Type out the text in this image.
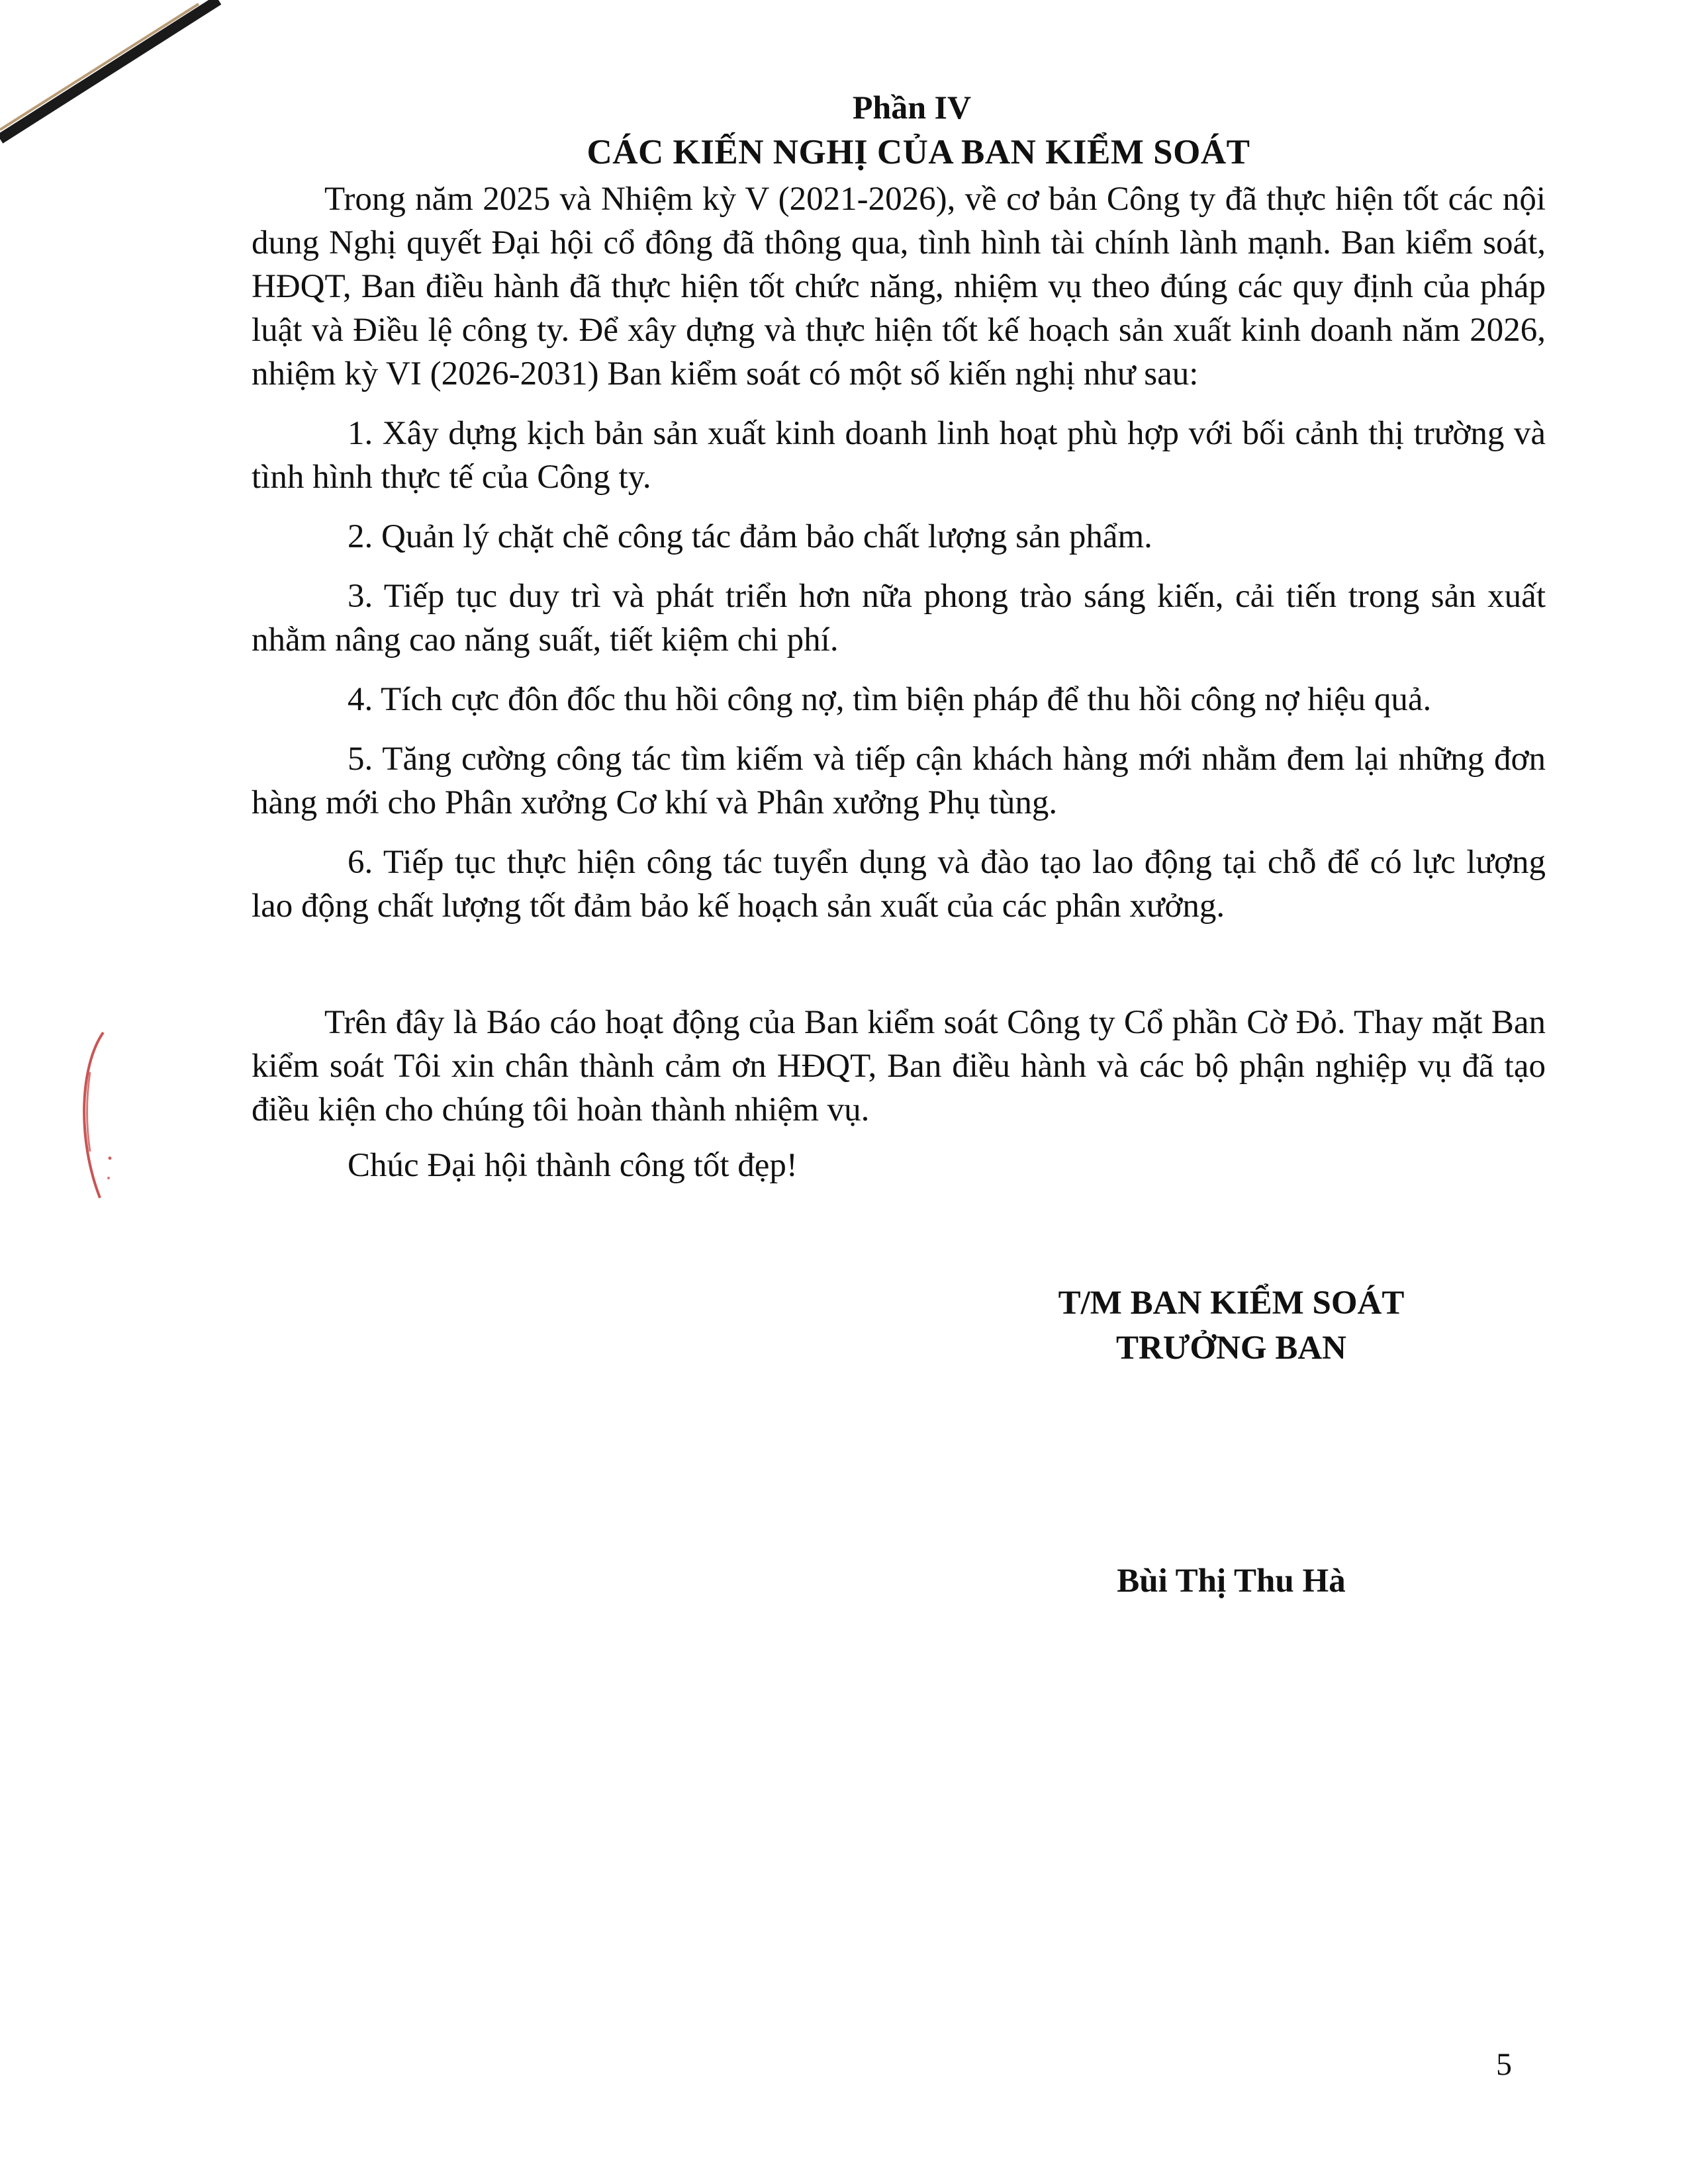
Phần IV

CÁC KIẾN NGHỊ CỦA BAN KIỂM SOÁT

Trong năm 2025 và Nhiệm kỳ V (2021-2026), về cơ bản Công ty đã thực hiện tốt các nội dung Nghị quyết Đại hội cổ đông đã thông qua, tình hình tài chính lành mạnh. Ban kiểm soát, HĐQT, Ban điều hành đã thực hiện tốt chức năng, nhiệm vụ theo đúng các quy định của pháp luật và Điều lệ công ty. Để xây dựng và thực hiện tốt kế hoạch sản xuất kinh doanh năm 2026, nhiệm kỳ VI (2026-2031) Ban kiểm soát có một số kiến nghị như sau:

1. Xây dựng kịch bản sản xuất kinh doanh linh hoạt phù hợp với bối cảnh thị trường và tình hình thực tế của Công ty.

2. Quản lý chặt chẽ công tác đảm bảo chất lượng sản phẩm.

3. Tiếp tục duy trì và phát triển hơn nữa phong trào sáng kiến, cải tiến trong sản xuất nhằm nâng cao năng suất, tiết kiệm chi phí.

4. Tích cực đôn đốc thu hồi công nợ, tìm biện pháp để thu hồi công nợ hiệu quả.

5. Tăng cường công tác tìm kiếm và tiếp cận khách hàng mới nhằm đem lại những đơn hàng mới cho Phân xưởng Cơ khí và Phân xưởng Phụ tùng.

6. Tiếp tục thực hiện công tác tuyển dụng và đào tạo lao động tại chỗ để có lực lượng lao động chất lượng tốt đảm bảo kế hoạch sản xuất của các phân xưởng.

Trên đây là Báo cáo hoạt động của Ban kiểm soát Công ty Cổ phần Cờ Đỏ. Thay mặt Ban kiểm soát Tôi xin chân thành cảm ơn HĐQT, Ban điều hành và các bộ phận nghiệp vụ đã tạo điều kiện cho chúng tôi hoàn thành nhiệm vụ.

Chúc Đại hội thành công tốt đẹp!

T/M BAN KIỂM SOÁT

TRƯỞNG BAN

Bùi Thị Thu Hà
5
